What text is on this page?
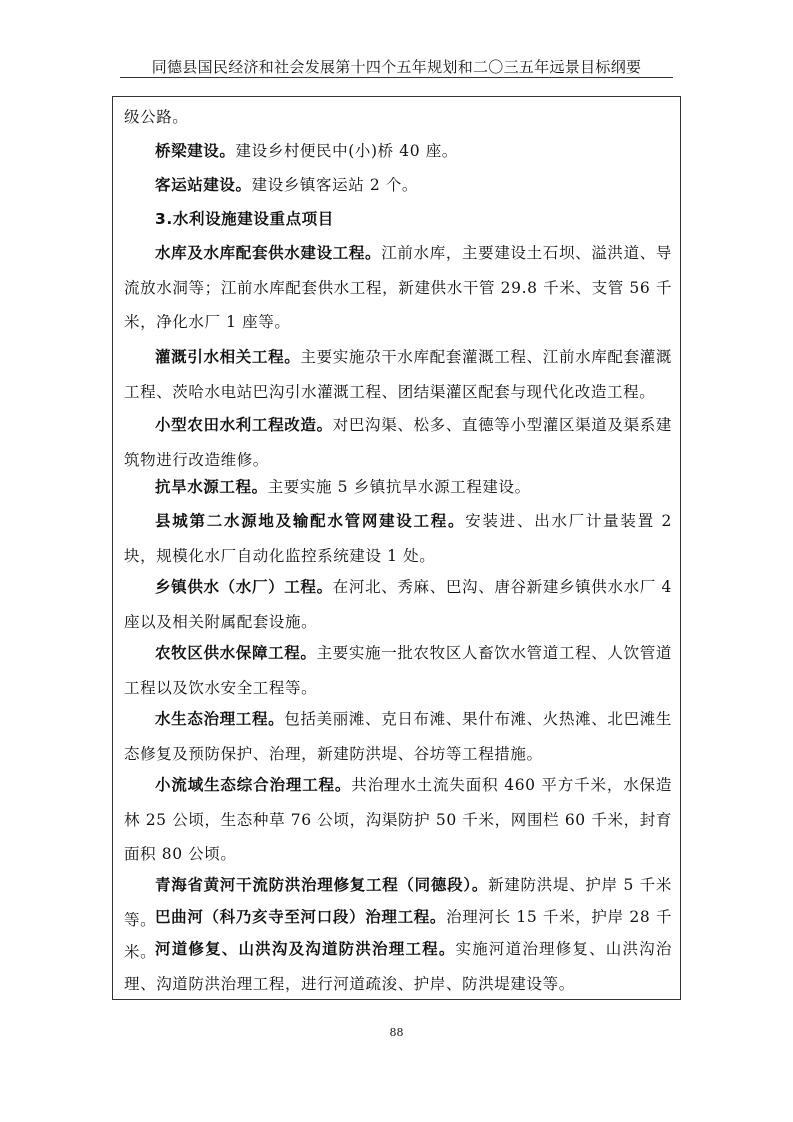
同德县国民经济和社会发展第十四个五年规划和二〇三五年远景目标纲要
级公路。
桥梁建设。建设乡村便民中(小)桥 40 座。
客运站建设。建设乡镇客运站 2 个。
3.水利设施建设重点项目
水库及水库配套供水建设工程。江前水库，主要建设土石坝、溢洪道、导流放水洞等；江前水库配套供水工程，新建供水干管 29.8 千米、支管 56 千米，净化水厂 1 座等。
灌溉引水相关工程。主要实施尕干水库配套灌溉工程、江前水库配套灌溉工程、茨哈水电站巴沟引水灌溉工程、团结渠灌区配套与现代化改造工程。
小型农田水利工程改造。对巴沟渠、松多、直德等小型灌区渠道及渠系建筑物进行改造维修。
抗旱水源工程。主要实施 5 乡镇抗旱水源工程建设。
县城第二水源地及输配水管网建设工程。安装进、出水厂计量装置 2 块，规模化水厂自动化监控系统建设 1 处。
乡镇供水（水厂）工程。在河北、秀麻、巴沟、唐谷新建乡镇供水水厂 4 座以及相关附属配套设施。
农牧区供水保障工程。主要实施一批农牧区人畜饮水管道工程、人饮管道工程以及饮水安全工程等。
水生态治理工程。包括美丽滩、克日布滩、果什布滩、火热滩、北巴滩生态修复及预防保护、治理，新建防洪堤、谷坊等工程措施。
小流域生态综合治理工程。共治理水土流失面积 460 平方千米，水保造林 25 公顷，生态种草 76 公顷，沟渠防护 50 千米，网围栏 60 千米，封育面积 80 公顷。
青海省黄河干流防洪治理修复工程（同德段）。新建防洪堤、护岸 5 千米等。
巴曲河（科乃亥寺至河口段）治理工程。治理河长 15 千米，护岸 28 千米。
河道修复、山洪沟及沟道防洪治理工程。实施河道治理修复、山洪沟治理、沟道防洪治理工程，进行河道疏浚、护岸、防洪堤建设等。
88
